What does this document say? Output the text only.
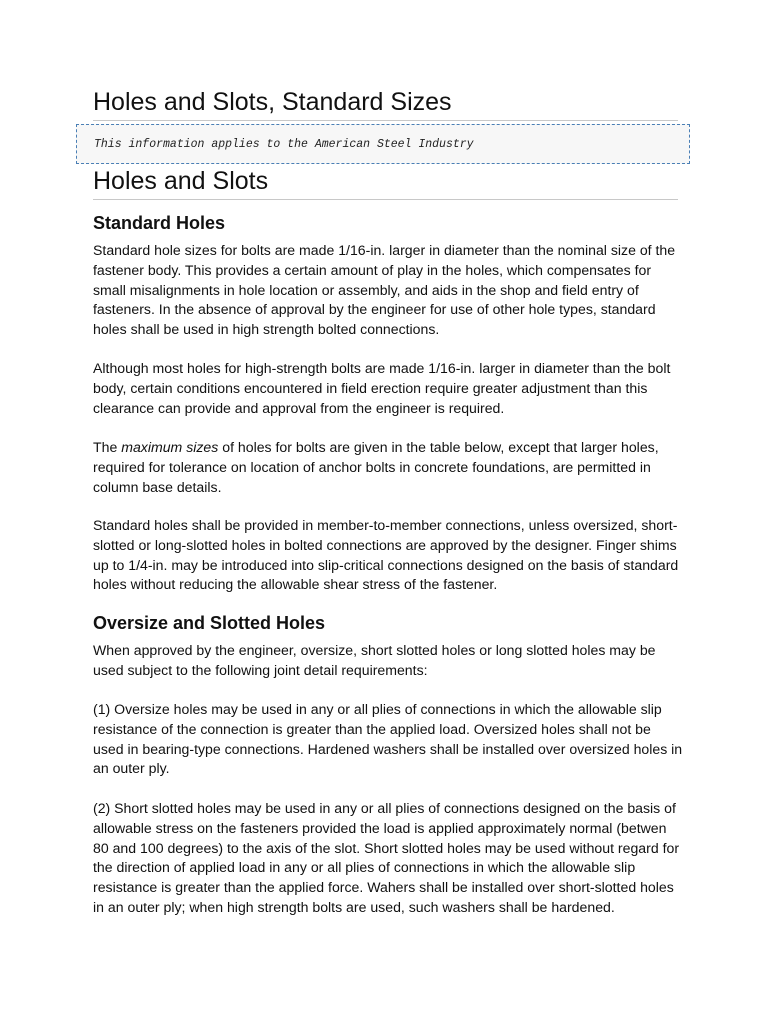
Holes and Slots, Standard Sizes
This information applies to the American Steel Industry
Holes and Slots
Standard Holes

Standard hole sizes for bolts are made 1/16-in. larger in diameter than the nominal size of the fastener body. This provides a certain amount of play in the holes, which compensates for small misalignments in hole location or assembly, and aids in the shop and field entry of fasteners. In the absence of approval by the engineer for use of other hole types, standard holes shall be used in high strength bolted connections.

Although most holes for high-strength bolts are made 1/16-in. larger in diameter than the bolt body, certain conditions encountered in field erection require greater adjustment than this clearance can provide and approval from the engineer is required.

The maximum sizes of holes for bolts are given in the table below, except that larger holes, required for tolerance on location of anchor bolts in concrete foundations, are permitted in column base details.

Standard holes shall be provided in member-to-member connections, unless oversized, short-slotted or long-slotted holes in bolted connections are approved by the designer. Finger shims up to 1/4-in. may be introduced into slip-critical connections designed on the basis of standard holes without reducing the allowable shear stress of the fastener.

Oversize and Slotted Holes

When approved by the engineer, oversize, short slotted holes or long slotted holes may be used subject to the following joint detail requirements:

(1) Oversize holes may be used in any or all plies of connections in which the allowable slip resistance of the connection is greater than the applied load. Oversized holes shall not be used in bearing-type connections. Hardened washers shall be installed over oversized holes in an outer ply.

(2) Short slotted holes may be used in any or all plies of connections designed on the basis of allowable stress on the fasteners provided the load is applied approximately normal (betwen 80 and 100 degrees) to the axis of the slot. Short slotted holes may be used without regard for the direction of applied load in any or all plies of connections in which the allowable slip resistance is greater than the applied force. Wahers shall be installed over short-slotted holes in an outer ply; when high strength bolts are used, such washers shall be hardened.
